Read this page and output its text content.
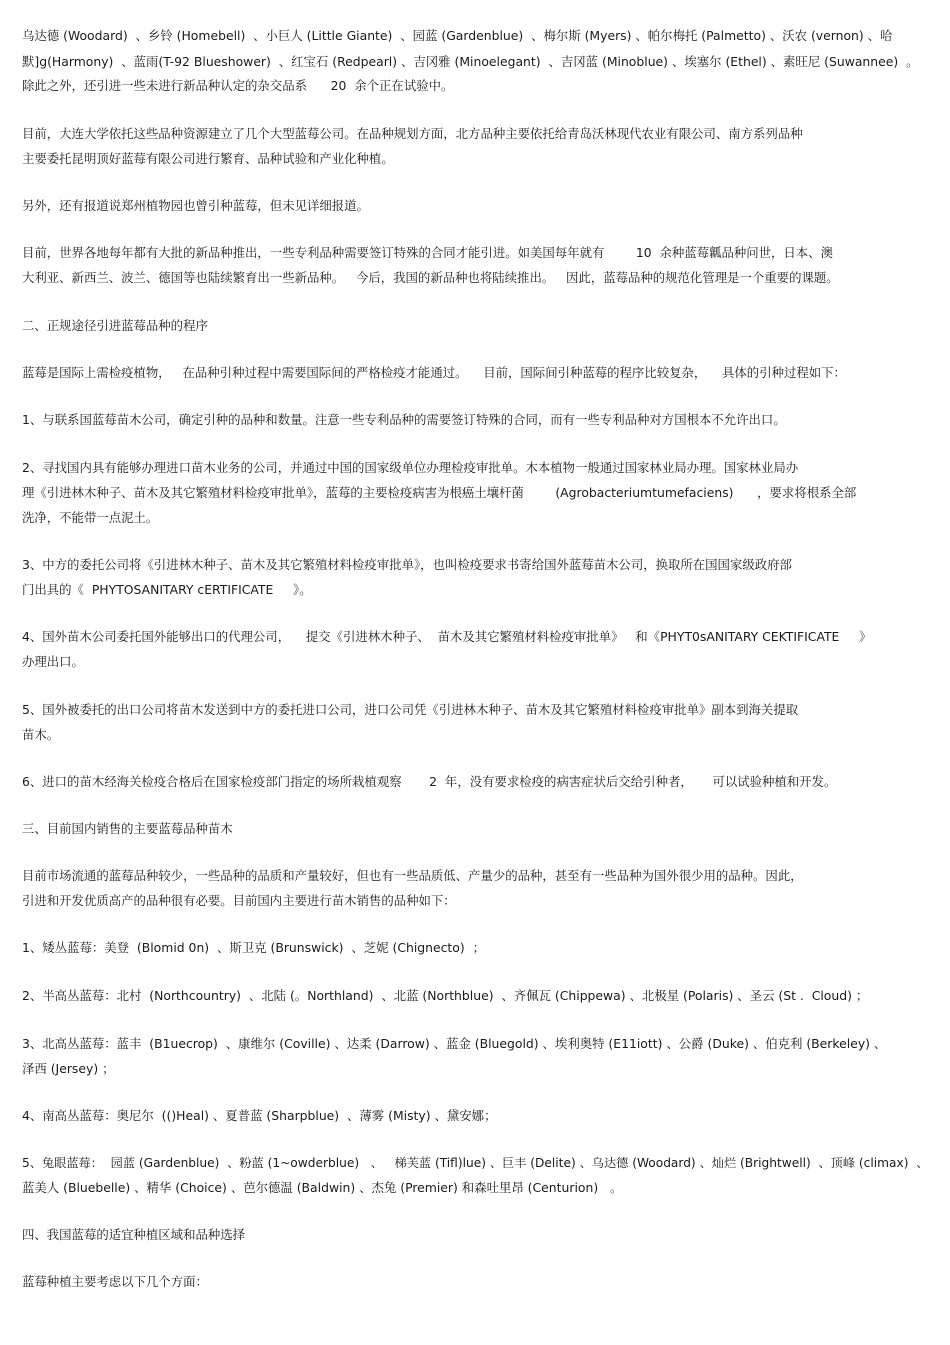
乌达德 (Woodard)  、乡铃 (Homebell)  、小巨人 (Little Giante)  、园蓝 (Gardenblue)  、梅尔斯 (Myers) 、帕尔梅托 (Palmetto) 、沃农 (vernon) 、哈
默]g(Harmony)  、蓝雨(T-92 Blueshower)  、红宝石 (Redpearl) 、吉冈雅 (Minoelegant)  、吉冈蓝 (Minoblue) 、埃塞尔 (Ethel) 、素旺尼 (Suwannee)  。
除此之外，还引进一些未进行新品种认定的杂交品系      20  余个正在试验中。
目前，大连大学依托这些品种资源建立了几个大型蓝莓公司。在品种规划方面，北方品种主要依托给青岛沃林现代农业有限公司、南方系列品种
主要委托昆明顶好蓝莓有限公司进行繁育、品种试验和产业化种植。
另外，还有报道说郑州植物园也曾引种蓝莓，但未见详细报道。
目前，世界各地每年都有大批的新品种推出，一些专利品种需要签订特殊的合同才能引进。如美国每年就有        10  余种蓝莓瓤品种问世，日本、澳
大利亚、新西兰、波兰、德国等也陆续繁育出一些新品种。   今后，我国的新品种也将陆续推出。   因此，蓝莓品种的规范化管理是一个重要的课题。
二、正规途径引进蓝莓品种的程序
蓝莓是国际上需检疫植物，   在品种引种过程中需要国际间的严格检疫才能通过。    目前，国际间引种蓝莓的程序比较复杂，    具体的引种过程如下：
1、与联系国蓝莓苗木公司，确定引种的品种和数量。注意一些专利品种的需要签订特殊的合同，而有一些专利品种对方国根本不允许出口。
2、寻找国内具有能够办理进口苗木业务的公司，并通过中国的国家级单位办理检疫审批单。木本植物一般通过国家林业局办理。国家林业局办
理《引进林木种子、苗木及其它繁殖材料检疫审批单》，蓝莓的主要检疫病害为根癌土壤杆菌        (Agrobacteriumtumefaciens)      ，要求将根系全部
洗净，不能带一点泥土。
3、中方的委托公司将《引进林木种子、苗木及其它繁殖材料检疫审批单》，也叫检疫要求书寄给国外蓝莓苗木公司，换取所在国国家级政府部
门出具的《  PHYTOSANITARY cERTIFICATE     》。
4、国外苗木公司委托国外能够出口的代理公司，    提交《引进林木种子、  苗木及其它繁殖材料检疫审批单》   和《PHYT0sANITARY CEKTIFICATE     》
办理出口。
5、国外被委托的出口公司将苗木发送到中方的委托进口公司，进口公司凭《引进林木种子、苗木及其它繁殖材料检疫审批单》副本到海关提取
苗木。
6、进口的苗木经海关检疫合格后在国家检疫部门指定的场所栽植观察       2  年，没有要求检疫的病害症状后交给引种者，     可以试验种植和开发。
三、目前国内销售的主要蓝莓品种苗木
目前市场流通的蓝莓品种较少，一些品种的品质和产量较好，但也有一些品质低、产量少的品种，甚至有一些品种为国外很少用的品种。因此，
引进和开发优质高产的品种很有必要。目前国内主要进行苗木销售的品种如下：
1、矮丛蓝莓：美登  (Blomid 0n)  、斯卫克 (Brunswick)  、芝妮 (Chignecto)  ；
2、半高丛蓝莓：北村  (Northcountry)  、北陆 (。Northland)  、北蓝 (Northblue)  、齐佩瓦 (Chippewa) 、北极星 (Polaris) 、圣云 (St .  Cloud) ；
3、北高丛蓝莓：蓝丰  (B1uecrop)  、康维尔 (Coville) 、达柔 (Darrow) 、蓝金 (Bluegold) 、埃利奥特 (E11iott) 、公爵 (Duke) 、伯克利 (Berkeley) 、
泽西 (Jersey) ；
4、南高丛蓝莓：奥尼尔  (()Heal) 、夏普蓝 (Sharpblue)  、薄雾 (Misty) 、黛安娜；
5、兔眼蓝莓：  园蓝 (Gardenblue)  、粉蓝 (1~owderblue)   、   梯芙蓝 (Tifl)lue) 、巨丰 (Delite) 、乌达德 (Woodard) 、灿烂 (Brightwell)  、顶峰 (climax)  、
蓝美人 (Bluebelle) 、精华 (Choice) 、芭尔德温 (Baldwin) 、杰兔 (Premier) 和森吐里昂 (Centurion)   。
四、我国蓝莓的适宜种植区域和品种选择
蓝莓种植主要考虑以下几个方面：
